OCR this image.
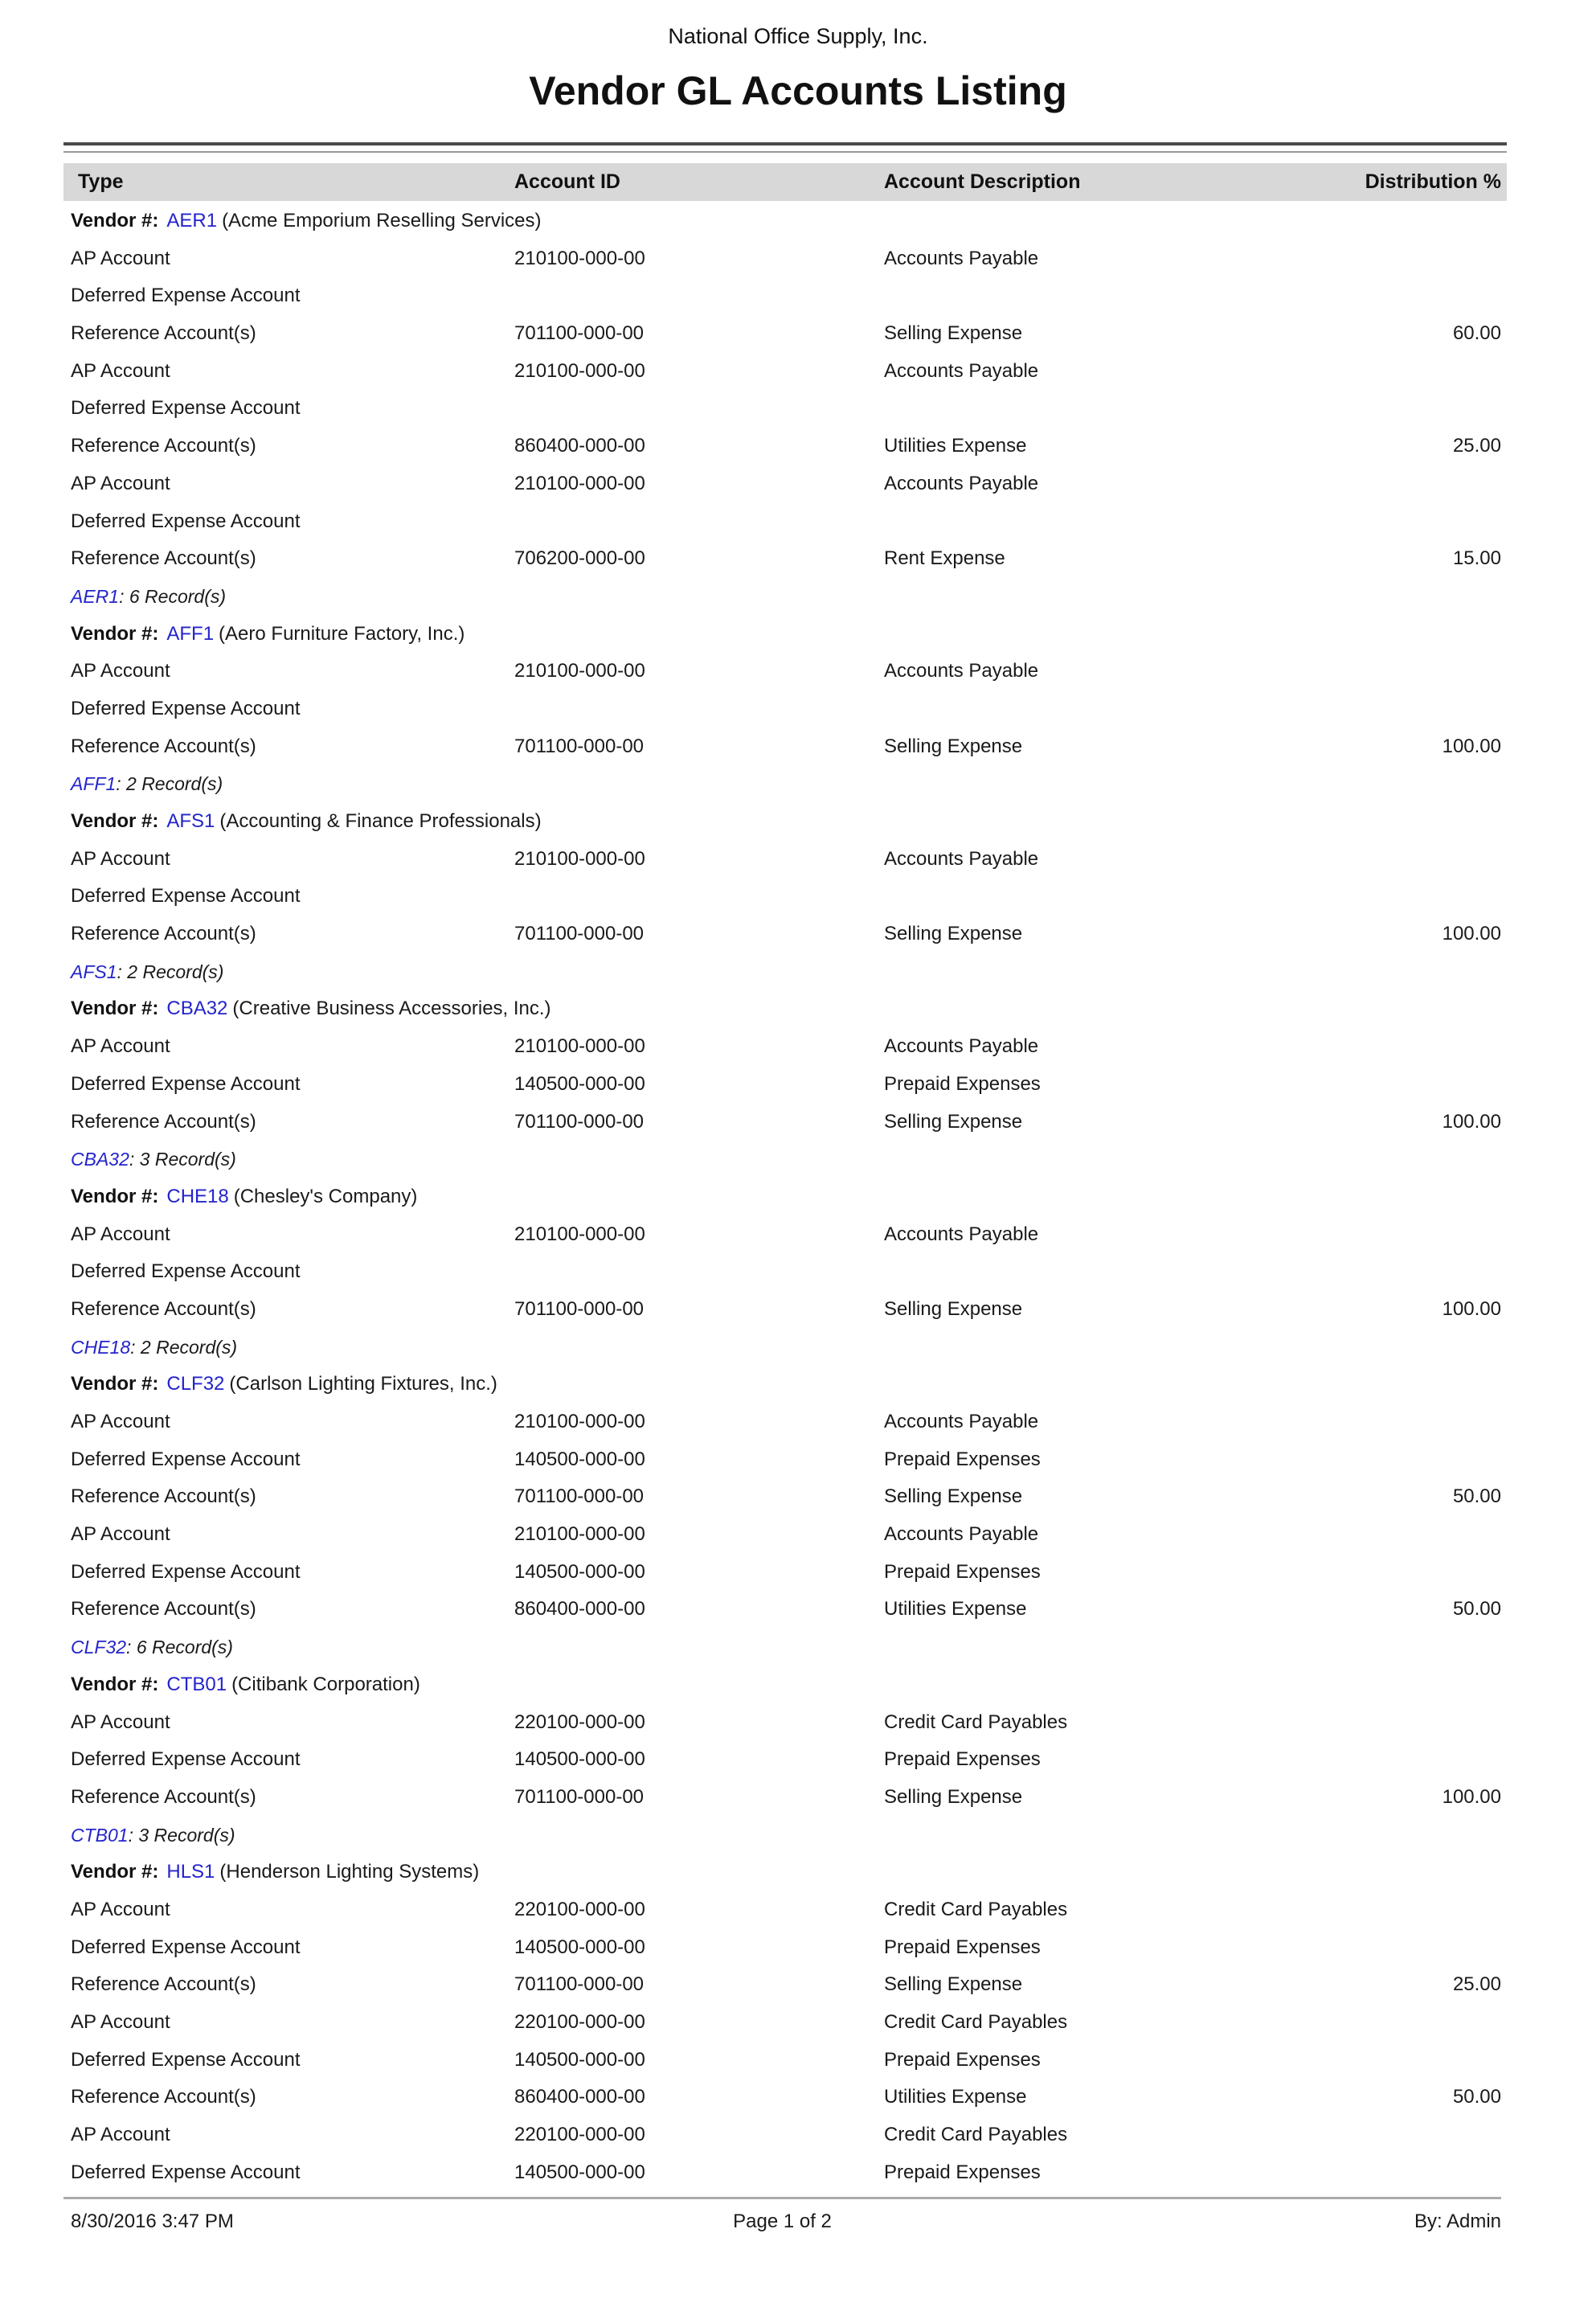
National Office Supply, Inc.
Vendor GL Accounts Listing
Type	Account ID	Account Description	Distribution %
Vendor #: AER1 (Acme Emporium Reselling Services)
AP Account	210100-000-00	Accounts Payable
Deferred Expense Account
Reference Account(s)	701100-000-00	Selling Expense	60.00
AP Account	210100-000-00	Accounts Payable
Deferred Expense Account
Reference Account(s)	860400-000-00	Utilities Expense	25.00
AP Account	210100-000-00	Accounts Payable
Deferred Expense Account
Reference Account(s)	706200-000-00	Rent Expense	15.00
AER1: 6 Record(s)
Vendor #: AFF1 (Aero Furniture Factory, Inc.)
AP Account	210100-000-00	Accounts Payable
Deferred Expense Account
Reference Account(s)	701100-000-00	Selling Expense	100.00
AFF1: 2 Record(s)
Vendor #: AFS1 (Accounting & Finance Professionals)
AP Account	210100-000-00	Accounts Payable
Deferred Expense Account
Reference Account(s)	701100-000-00	Selling Expense	100.00
AFS1: 2 Record(s)
Vendor #: CBA32 (Creative Business Accessories, Inc.)
AP Account	210100-000-00	Accounts Payable
Deferred Expense Account	140500-000-00	Prepaid Expenses
Reference Account(s)	701100-000-00	Selling Expense	100.00
CBA32: 3 Record(s)
Vendor #: CHE18 (Chesley's Company)
AP Account	210100-000-00	Accounts Payable
Deferred Expense Account
Reference Account(s)	701100-000-00	Selling Expense	100.00
CHE18: 2 Record(s)
Vendor #: CLF32 (Carlson Lighting Fixtures, Inc.)
AP Account	210100-000-00	Accounts Payable
Deferred Expense Account	140500-000-00	Prepaid Expenses
Reference Account(s)	701100-000-00	Selling Expense	50.00
AP Account	210100-000-00	Accounts Payable
Deferred Expense Account	140500-000-00	Prepaid Expenses
Reference Account(s)	860400-000-00	Utilities Expense	50.00
CLF32: 6 Record(s)
Vendor #: CTB01 (Citibank Corporation)
AP Account	220100-000-00	Credit Card Payables
Deferred Expense Account	140500-000-00	Prepaid Expenses
Reference Account(s)	701100-000-00	Selling Expense	100.00
CTB01: 3 Record(s)
Vendor #: HLS1 (Henderson Lighting Systems)
AP Account	220100-000-00	Credit Card Payables
Deferred Expense Account	140500-000-00	Prepaid Expenses
Reference Account(s)	701100-000-00	Selling Expense	25.00
AP Account	220100-000-00	Credit Card Payables
Deferred Expense Account	140500-000-00	Prepaid Expenses
Reference Account(s)	860400-000-00	Utilities Expense	50.00
AP Account	220100-000-00	Credit Card Payables
Deferred Expense Account	140500-000-00	Prepaid Expenses
8/30/2016 3:47 PM	Page 1 of 2	By: Admin
